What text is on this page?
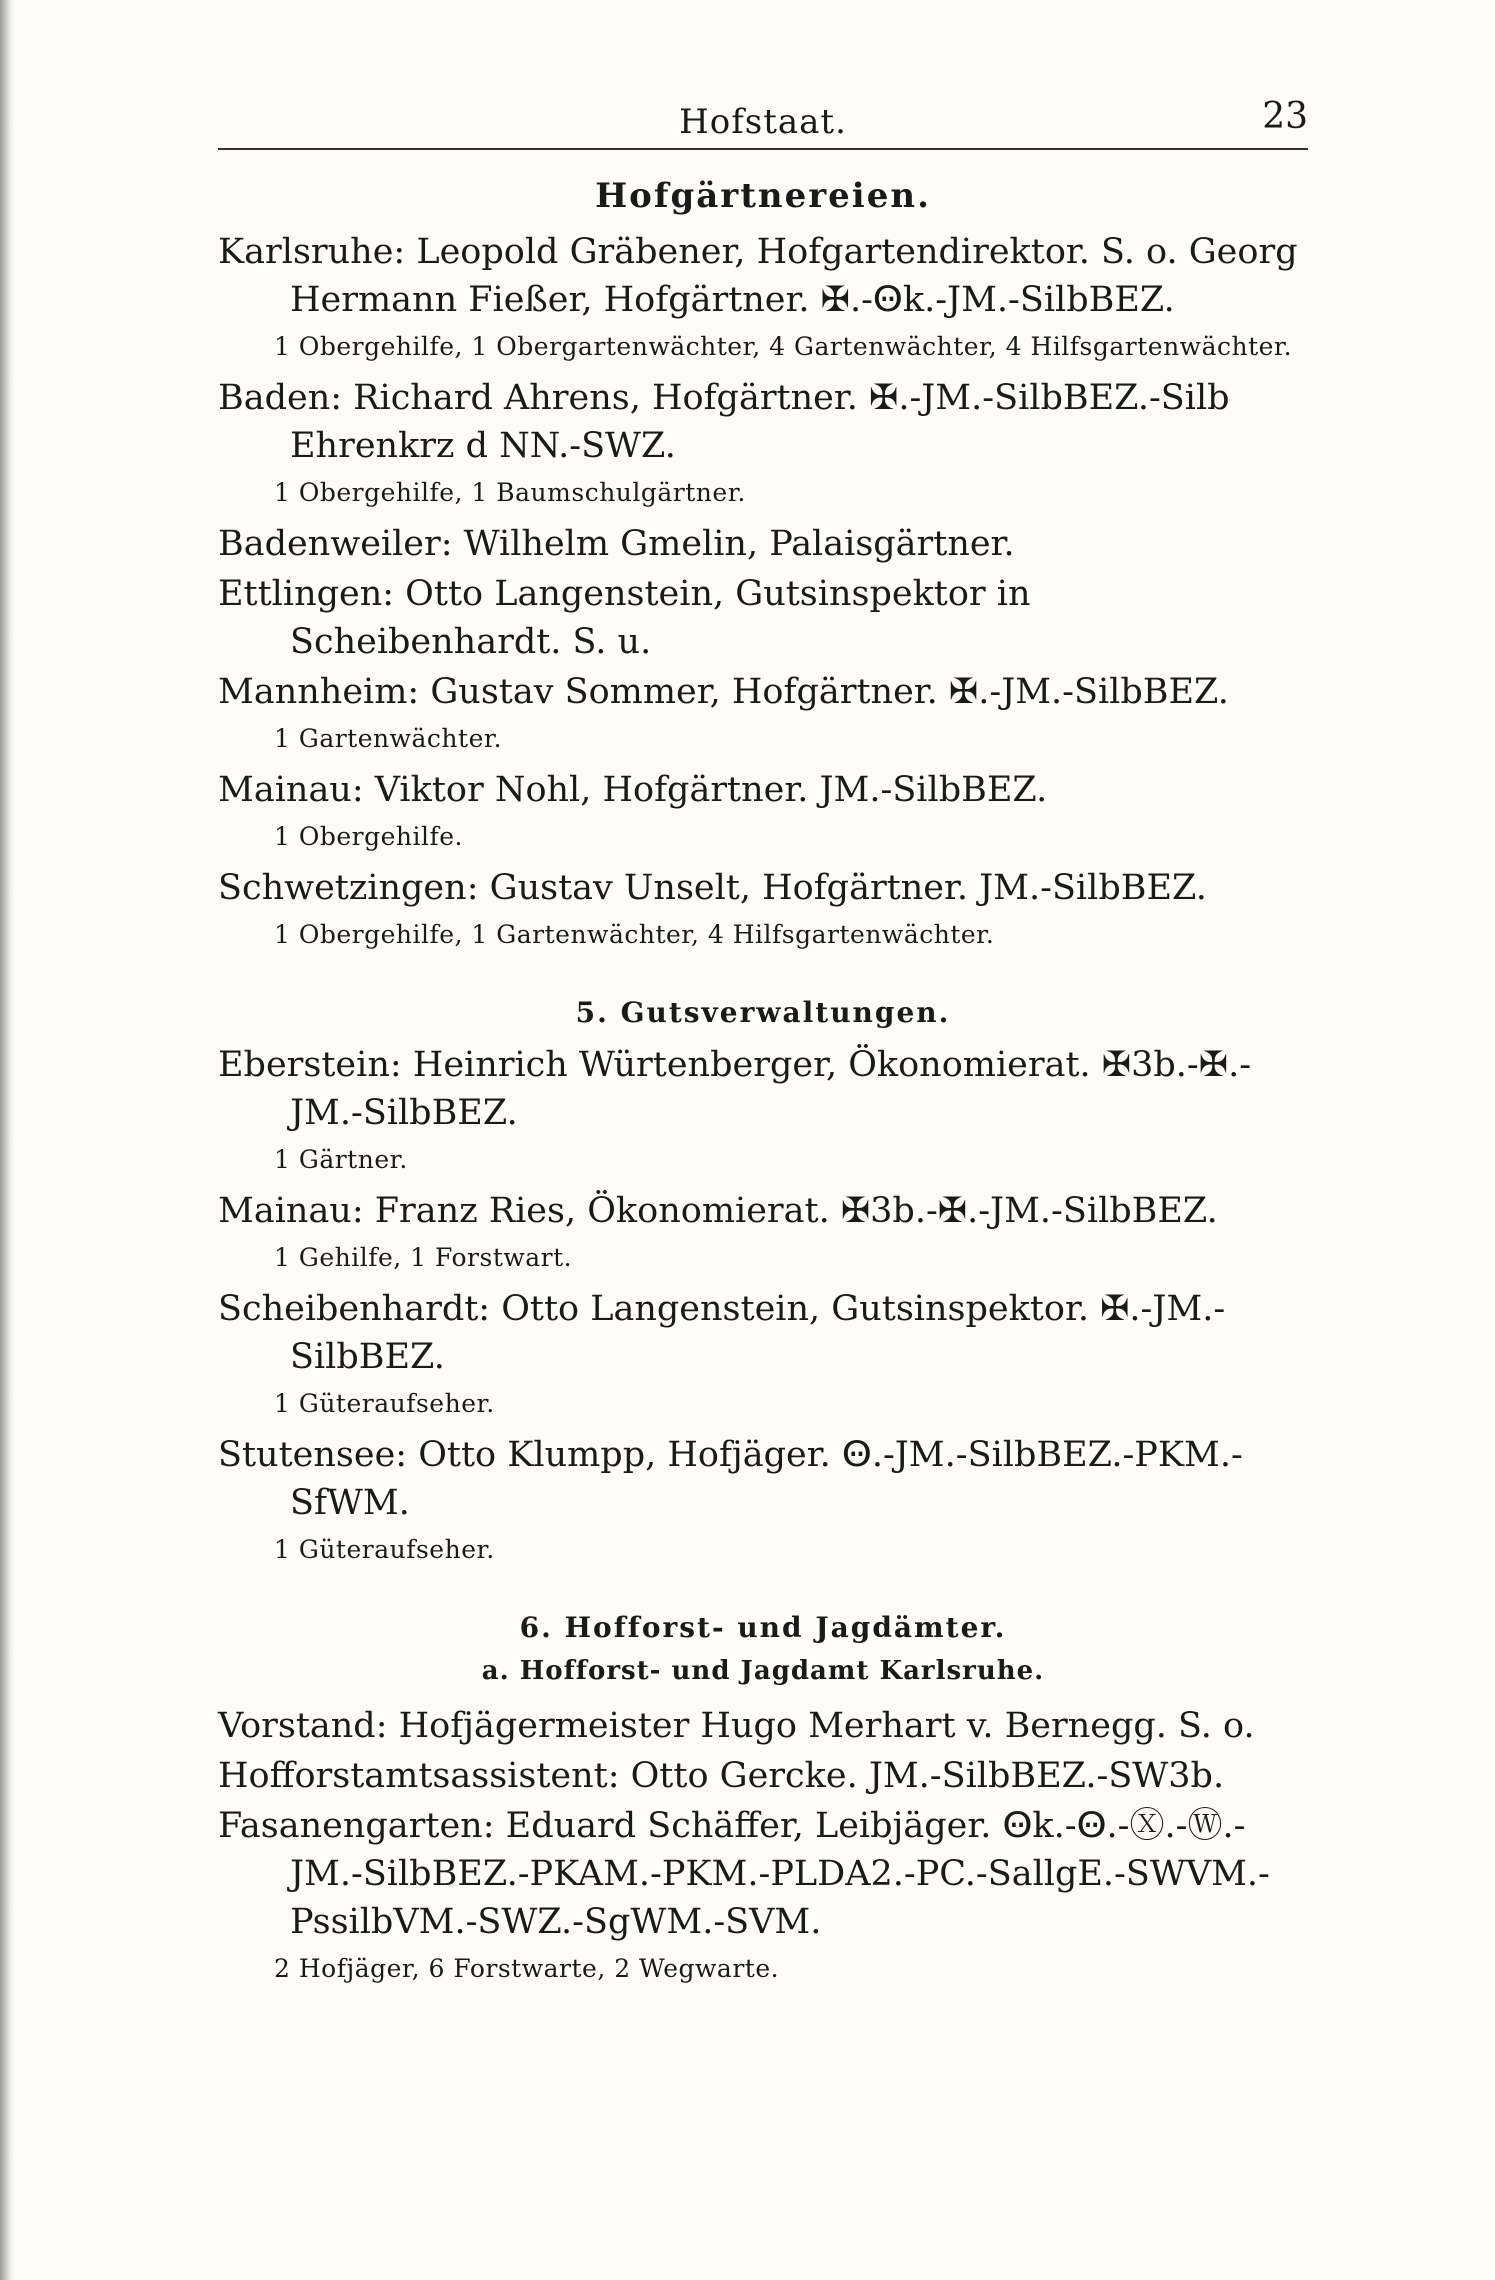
Hofstaat.	23
Hofgärtnereien.
Karlsruhe: Leopold Gräbener, Hofgartendirektor. S. o. Georg Hermann Fießer, Hofgärtner. ✠.-Ꙫk.-JM.-SilbBEZ.
1 Obergehilfe, 1 Obergartenwächter, 4 Gartenwächter, 4 Hilfsgartenwächter.
Baden: Richard Ahrens, Hofgärtner. ✠.-JM.-SilbBEZ.-Silb Ehrenkrz d NN.-SWZ.
1 Obergehilfe, 1 Baumschulgärtner.
Badenweiler: Wilhelm Gmelin, Palaisgärtner.
Ettlingen: Otto Langenstein, Gutsinspektor in Scheibenhardt. S. u.
Mannheim: Gustav Sommer, Hofgärtner. ✠.-JM.-SilbBEZ.
1 Gartenwächter.
Mainau: Viktor Nohl, Hofgärtner. JM.-SilbBEZ.
1 Obergehilfe.
Schwetzingen: Gustav Unselt, Hofgärtner. JM.-SilbBEZ.
1 Obergehilfe, 1 Gartenwächter, 4 Hilfsgartenwächter.
5. Gutsverwaltungen.
Eberstein: Heinrich Würtenberger, Ökonomierat. ✠3b.-✠.-JM.-SilbBEZ.
1 Gärtner.
Mainau: Franz Ries, Ökonomierat. ✠3b.-✠.-JM.-SilbBEZ.
1 Gehilfe, 1 Forstwart.
Scheibenhardt: Otto Langenstein, Gutsinspektor. ✠.-JM.-SilbBEZ.
1 Güteraufseher.
Stutensee: Otto Klumpp, Hofjäger. Ꙫ.-JM.-SilbBEZ.-PKM.-SfWM.
1 Güteraufseher.
6. Hofforst- und Jagdämter.
a. Hofforst- und Jagdamt Karlsruhe.
Vorstand: Hofjägermeister Hugo Merhart v. Bernegg. S. o.
Hofforstamtsassistent: Otto Gercke. JM.-SilbBEZ.-SW3b.
Fasanengarten: Eduard Schäffer, Leibjäger. Ꙫk.-Ꙫ.-Ⓧ.-Ⓦ.-JM.-SilbBEZ.-PKAM.-PKM.-PLDA2.-PC.-SallgE.-SWVM.-PssilbVM.-SWZ.-SgWM.-SVM.
2 Hofjäger, 6 Forstwarte, 2 Wegwarte.
